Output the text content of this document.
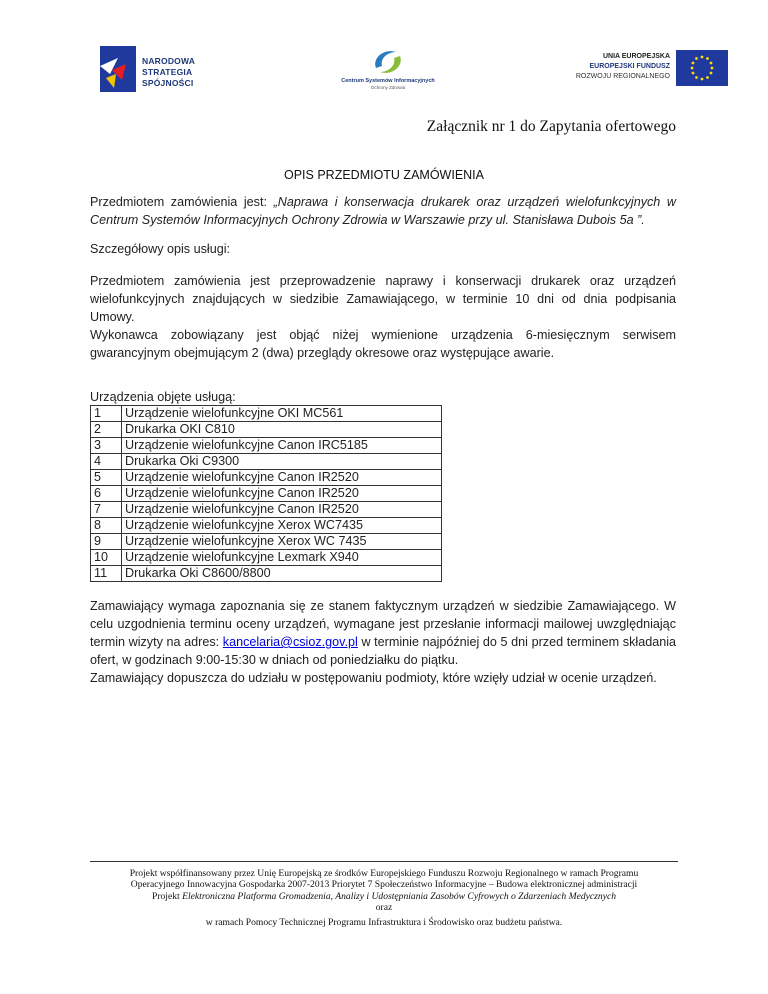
NARODOWA
STRATEGIA SPÓJNOŚCI	Centrum Systemów Informacyjnych
Ochrony Zdrowia
UNIA EUROPEJSKA
EUROPEJSKI FUNDUSZ
ROZWOJU REGIONALNEGO
Załącznik nr 1 do Zapytania ofertowego
OPIS PRZEDMIOTU ZAMÓWIENIA
Przedmiotem zamówienia jest: „Naprawa i konserwacja drukarek oraz urządzeń wielofunkcyjnych w Centrum Systemów Informacyjnych Ochrony Zdrowia w Warszawie przy ul. Stanisława Dubois 5a ”.
Szczegółowy opis usługi:
Przedmiotem zamówienia jest przeprowadzenie naprawy i konserwacji drukarek oraz urządzeń wielofunkcyjnych znajdujących w siedzibie Zamawiającego, w terminie 10 dni od dnia podpisania Umowy.
Wykonawca zobowiązany jest objąć niżej wymienione urządzenia 6-miesięcznym serwisem gwarancyjnym obejmującym 2 (dwa) przeglądy okresowe oraz występujące awarie.
Urządzenia objęte usługą:
1	Urządzenie wielofunkcyjne OKI MC561
2	Drukarka OKI C810
3	Urządzenie wielofunkcyjne Canon IRC5185
4	Drukarka Oki C9300
5	Urządzenie wielofunkcyjne Canon IR2520
6	Urządzenie wielofunkcyjne Canon IR2520
7	Urządzenie wielofunkcyjne Canon IR2520
8	Urządzenie wielofunkcyjne Xerox WC7435
9	Urządzenie wielofunkcyjne Xerox WC 7435
10	Urządzenie wielofunkcyjne Lexmark X940
11	Drukarka Oki C8600/8800
Zamawiający wymaga zapoznania się ze stanem faktycznym urządzeń w siedzibie Zamawiającego. W celu uzgodnienia terminu oceny urządzeń, wymagane jest przesłanie informacji mailowej uwzględniając termin wizyty na adres: kancelaria@csioz.gov.pl w terminie najpóźniej do 5 dni przed terminem składania ofert, w godzinach 9:00-15:30 w dniach od poniedziałku do piątku.
Zamawiający dopuszcza do udziału w postępowaniu podmioty, które wzięły udział w ocenie urządzeń.
Projekt współfinansowany przez Unię Europejską ze środków Europejskiego Funduszu Rozwoju Regionalnego w ramach Programu
Operacyjnego Innowacyjna Gospodarka 2007-2013 Priorytet 7 Społeczeństwo Informacyjne – Budowa elektronicznej administracji
Projekt Elektroniczna Platforma Gromadzenia, Analizy i Udostępniania Zasobów Cyfrowych o Zdarzeniach Medycznych
oraz
w ramach Pomocy Technicznej Programu Infrastruktura i Środowisko oraz budżetu państwa.
